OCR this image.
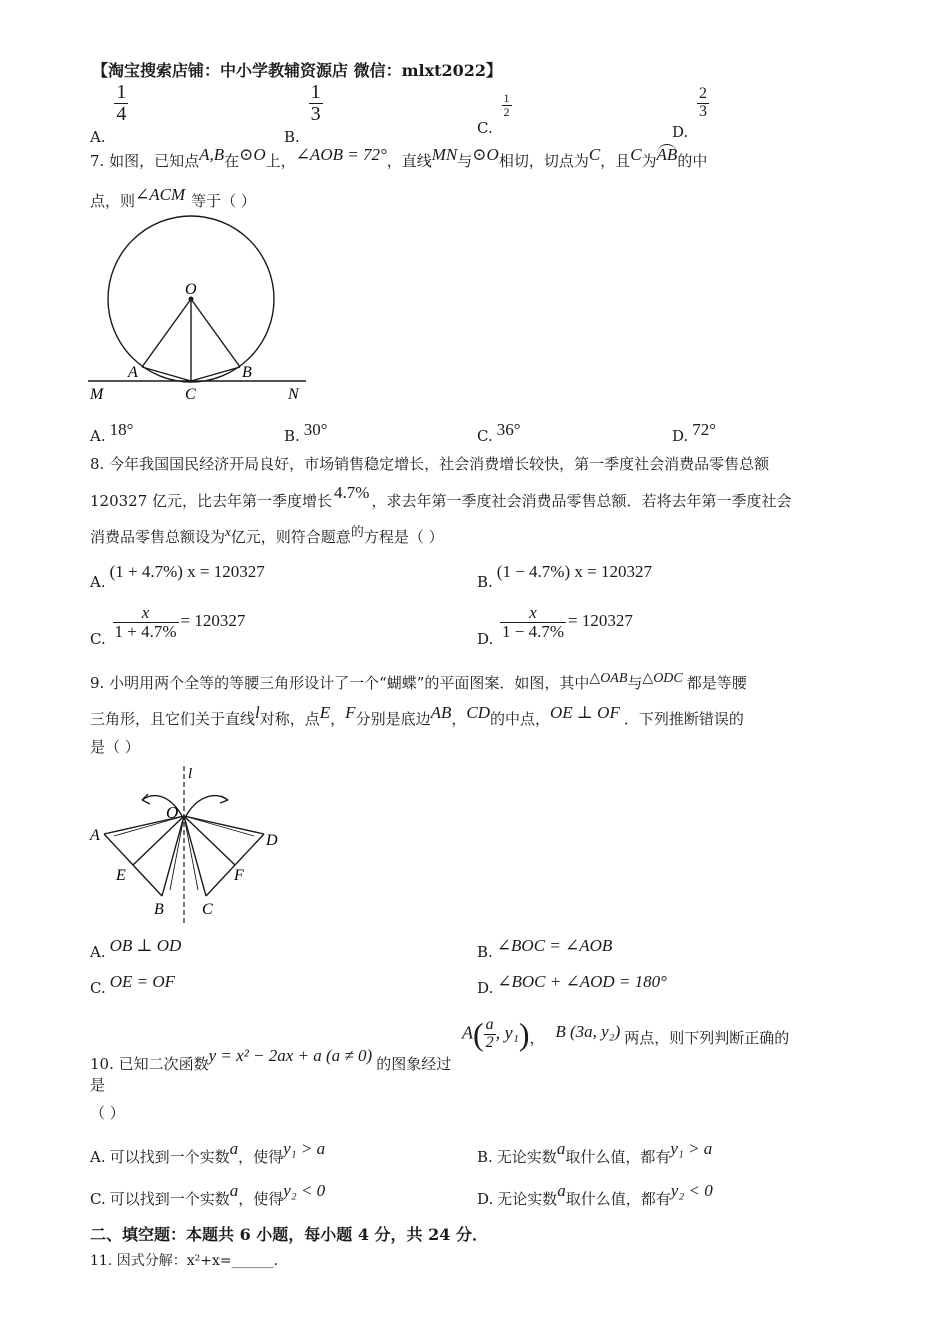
【淘宝搜索店铺：中小学教辅资源店 微信：mlxt2022】
A.
$\frac{1}{4}$
B.
$\frac{1}{3}$
C.
$\frac{1}{2}$
D.
$\frac{2}{3}$
7. 如图，已知点A,B在⊙O上，∠AOB = 72°，直线MN与⊙O相切，切点为C，且C为AB的中
点，则∠ACM 等于（ ）
O
A	B
C
M	N
A. 18°	B. 30°	C. 36°	D. 72°
8. 今年我国国民经济开局良好，市场销售稳定增长，社会消费增长较快，第一季度社会消费品零售总额
120327 亿元，比去年第一季度增长 4.7% ，求去年第一季度社会消费品零售总额．若将去年第一季度社会
消费品零售总额设为x亿元，则符合题意的方程是（ ）
A.(1 + 4.7%) x = 120327
B.(1 − 4.7%) x = 120327
C. $\frac{x}{1 + 4.7\%} = 120327$
D. $\frac{x}{1 - 4.7\%} = 120327$
9. 小明用两个全等的等腰三角形设计了一个“蝴蝶”的平面图案．如图，其中△OAB与△ODC 都是等腰
三角形，且它们关于直线l对称，点E，F分别是底边AB，CD的中点，OE ⊥ OF ．下列推断错误的
是（ ）
l
O
A	D
E	F
B C
A. OB ⊥ OD	B. ∠BOC = ∠AOB
C. OE = OF	D. ∠BOC + ∠AOD = 180°
10. 已知二次函数y = x² − 2ax + a (a ≠ 0) 的图象经过 $A( \frac{a}{2}$ , y₁)， B (3a, y₂) 两点，则下列判断正确的
是
（ ）
A. 可以找到一个实数a，使得y₁ > a	B. 无论实数a取什么值，都有y₁ > a
C. 可以找到一个实数a，使得y₂ < 0	D. 无论实数a取什么值，都有y₂ < 0
二、填空题：本题共 6 小题，每小题 4 分，共 24 分．
11. 因式分解：x²+x=______．
